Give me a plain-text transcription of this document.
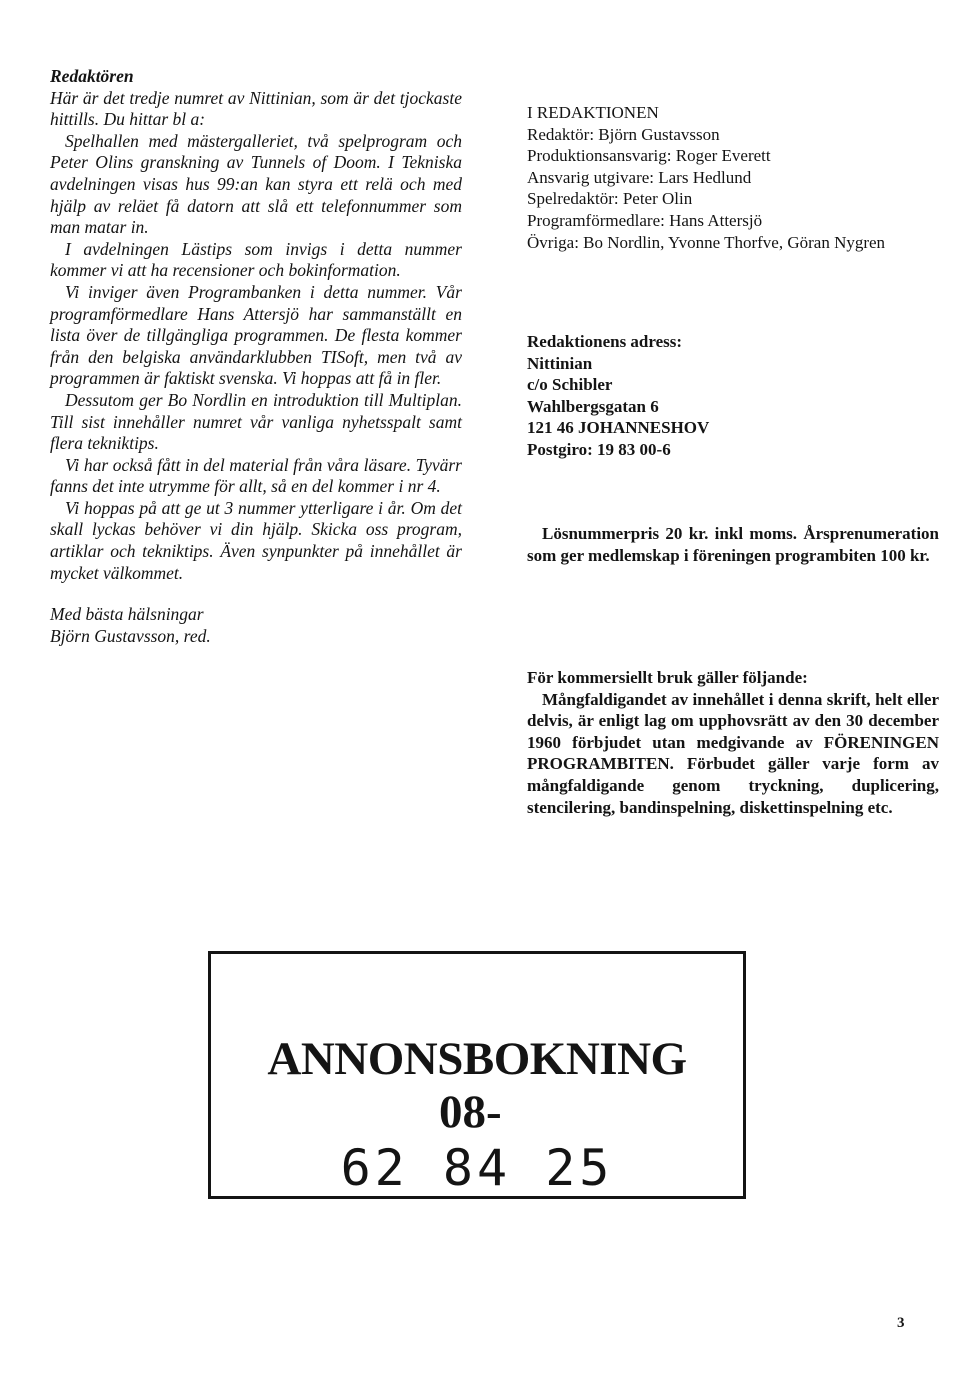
Redaktören

Här är det tredje numret av Nittinian, som är det tjockaste hittills. Du hittar bl a:

Spelhallen med mästergalleriet, två spelprogram och Peter Olins granskning av Tunnels of Doom. I Tekniska avdelningen visas hus 99:an kan styra ett relä och med hjälp av reläet få datorn att slå ett telefonnummer som man matar in.

I avdelningen Lästips som invigs i detta nummer kommer vi att ha recensioner och bokinformation.

Vi inviger även Programbanken i detta nummer. Vår programförmedlare Hans Attersjö har sammanställt en lista över de tillgängliga programmen. De flesta kommer från den belgiska användarklubben TISoft, men två av programmen är faktiskt svenska. Vi hoppas att få in fler.

Dessutom ger Bo Nordlin en introduktion till Multiplan. Till sist innehåller numret vår vanliga nyhetsspalt samt flera tekniktips.

Vi har också fått in del material från våra läsare. Tyvärr fanns det inte utrymme för allt, så en del kommer i nr 4.

Vi hoppas på att ge ut 3 nummer ytterligare i år. Om det skall lyckas behöver vi din hjälp. Skicka oss program, artiklar och tekniktips. Även synpunkter på innehållet är mycket välkommet.

Med bästa hälsningar

Björn Gustavsson, red.

I REDAKTIONEN

Redaktör: Björn Gustavsson

Produktionsansvarig: Roger Everett

Ansvarig utgivare: Lars Hedlund

Spelredaktör: Peter Olin

Programförmedlare: Hans Attersjö

Övriga: Bo Nordlin, Yvonne Thorfve, Göran Nygren

Redaktionens adress:

Nittinian

c/o Schibler

Wahlbergsgatan 6

121 46 JOHANNESHOV

Postgiro: 19 83 00-6

Lösnummerpris 20 kr. inkl moms. Årsprenumeration som ger medlemskap i föreningen programbiten 100 kr.

För kommersiellt bruk gäller följande:

Mångfaldigandet av innehållet i denna skrift, helt eller delvis, är enligt lag om upphovsrätt av den 30 december 1960 förbjudet utan medgivande av FÖRENINGEN PROGRAMBITEN. Förbudet gäller varje form av mångfaldigande genom tryckning, duplicering, stencilering, bandinspelning, diskettinspelning etc.

ANNONSBOKNING
08-
62 84 25
3
